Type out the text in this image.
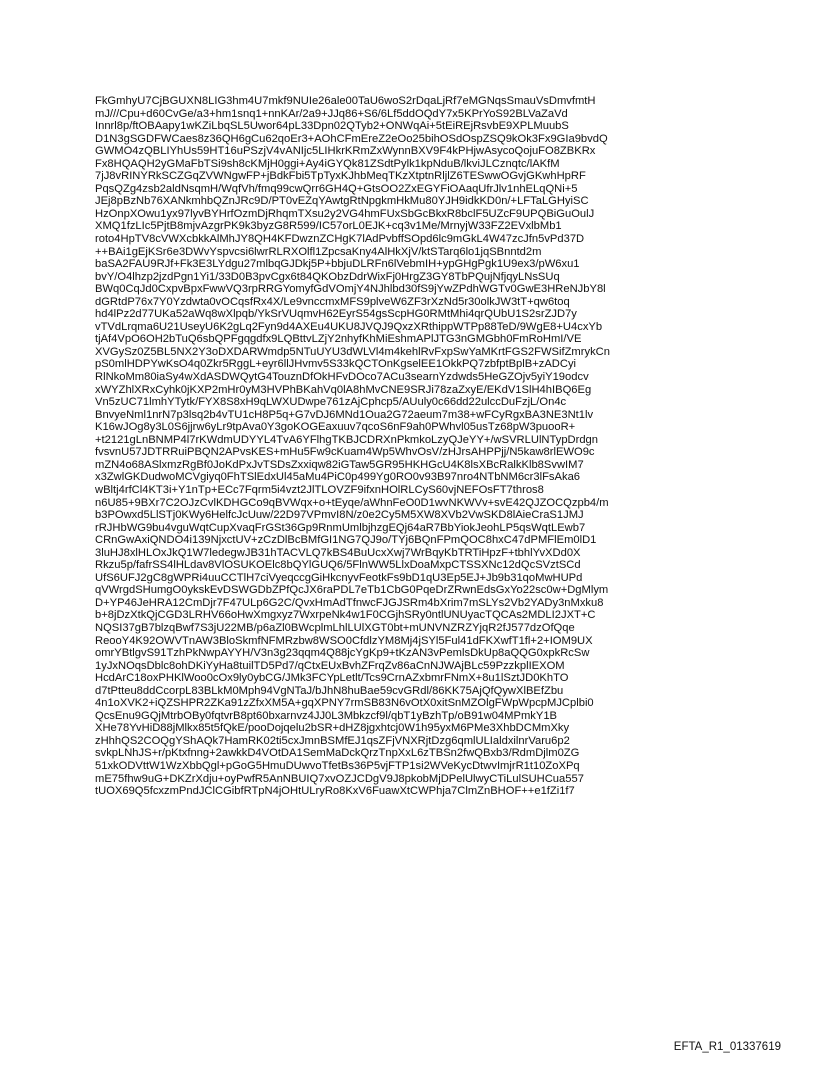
FkGmhyU7CjBGUXN8LIG3hm4U7mkf9NUIe26ale00TaU6woS2rDqaLjRf7eMGNqsSmauVsDmvfmtH
mJ///Cpu+d60CvGe/a3+hm1snq1+nnKAr/2a9+JJq86+S6/6Lf5ddOQdY7x5KPrYoS92BLVaZaVd
Innrl8p/ftOBAapy1wKZiLbqSL5Uwor64pL33Dpn02QTyb2+ONWqAi+5tEiREjRsvbE9XPLMuubS
D1N3gSGDFWCaes8z36QH6gCu62qoEr3+AOhCFmEreZ2eOo25bihOSdOspZSQ9kOk3Fx9GIa9bvdQ
GWMO4zQBLIYhUs59HT16uPSzjV4vANIjc5LIHkrKRmZxWynnBXV9F4kPHjwAsycoQojuFO8ZBKRx
Fx8HQAQH2yGMaFbTSi9sh8cKMjH0ggi+Ay4iGYQk81ZSdtPylk1kpNduB/lkviJLCznqtc/lAKfM
7jJ8vRINYRkSCZGqZVWNgwFP+jBdkFbi5TpTyxKJhbMeqTKzXtptnRljlZ6TESwwOGvjGKwhHpRF
PqsQZg4zsb2aldNsqmH/WqfVh/fmq99cwQrr6GH4Q+GtsOO2ZxEGYFiOAaqUfrJlv1nhELqQNi+5
JEj8pBzNb76XANkmhbQZnJRc9D/PT0vEZqYAwtgRtNpgkmHkMu80YJH9idkKD0n/+LFTaLGHyiSC
HzOnpXOwu1yx97lyvBYHrfOzmDjRhqmTXsu2y2VG4hmFUxSbGcBkxR8bclF5UZcF9UPQBiGuOulJ
XMQ1fzLIc5PjtB8mjvAzgrPK9k3byzG8R599/IC57orL0EJK+cq3v1Me/MrnyjW33FZ2EVxlbMb1
roto4HpTV8cVWXcbkkAlMhJY8QH4KFDwznZCHgK7lAdPvbffSOpd6lc9mGkL4W47zcJfn5vPd37D
++BAi1gEjKSr6e3DWvYspvcsi6lwrRLRXOlfl1ZpcsaKny4AlHkXjV/ktSTarq6lo1jqSBnntd2m
baSA2FAU9RJf+Fk3E3LYdgu27mlbqGJDkj5P+bbjuDLRFn6lVebmIH+ypGHgPgk1U9ex3/pW6xu1
bvY/O4lhzp2jzdPgn1Yi1/33D0B3pvCgx6t84QKObzDdrWixFj0HrgZ3GY8TbPQujNfjqyLNsSUq
BWq0CqJd0CxpvBpxFwwVQ3rpRRGYomyfGdVOmjY4NJhlbd30fS9jYwZPdhWGTv0GwE3HReNJbY8l
dGRtdP76x7Y0Yzdwta0vOCqsfRx4X/Le9vnccmxMFS9plveW6ZF3rXzNd5r30olkJW3tT+qw6toq
hd4lPz2d77UKa52aWq8wXlpqb/YkSrVUqmvH62EyrS54gsScpHG0RMtMhi4qrQUbU1S2srZJD7y
vTVdLrqma6U21UseyU6K2gLq2Fyn9d4AXEu4UKU8JVQJ9QxzXRthippWTPp88TeD/9WgE8+U4cxYb
tjAf4VpO6OH2bTuQ6sbQPFgqgdfx9LQBttvLZjY2nhyfKhMiEshmAPlJTG3nGMGbh0FmRoHmI/VE
XVGySz0Z5BL5NX2Y3oDXDARWmdp5NTuUYU3dWLVl4m4kehlRvFxpSwYaMKrtFGS2FWSifZmrykCn
pS0mlHDPYwKsO4q0Zkr5RggL+eyr6llJHvmv5S33kQCTOnKgselEE1OkkPQ7zbfptBplB+zADCyi
RlNkoMm80iaSy4wXdASDWQytG4TouznDfOkHFvDOco7ACu3searnYzdwds5HeGZOjv5yiY19odcv
xWYZhlXRxCyhk0jKXP2mHr0yM3HVPhBKahVq0lA8hMvCNE9SRJi78zaZxyE/EKdV1SlH4hIBQ6Eg
Vn5zUC71lmhYTytk/FYX8S8xH9qLWXUDwpe761zAjCphcp5/AUuly0c66dd22ulccDuFzjL/On4c
BnvyeNml1nrN7p3lsq2b4vTU1cH8P5q+G7vDJ6MNd1Oua2G72aeum7m38+wFCyRgxBA3NE3Nt1lv
K16wJOg8y3L0S6jjrw6yLr9tpAva0Y3goKOGEaxuuv7qcoS6nF9ah0PWhvl05usTz68pW3puooR+
+t2121gLnBNMP4l7rKWdmUDYYL4TvA6YFlhgTKBJCDRXnPkmkoLzyQJeYY+/wSVRLUlNTypDrdgn
fvsvnU57JDTRRuiPBQN2APvsKES+mHu5Fw9cKuam4Wp5WhvOsV/zHJrsAHPPjj/N5kaw8rlEWO9c
mZN4o68ASlxmzRgBf0JoKdPxJvTSDsZxxiqw82iGTaw5GR95HKHGcU4K8lsXBcRalkKlb8SvwIM7
x3ZwlGKDudwoMCVgiyq0FhTSlEdxUl45aMu4PiC0p499Yg0RO0v93B97nro4NTbNM6cr3lFsAka6
wBltj4rfCl4KT3i+Y1nTp+ECc7Fqrm5i4vzt2JlTLOVZF9ifxnHOlRLCyS60vjNEFOsFT7thros8
n6U85+9BXr7C2OJzCvlKDHGCo9qBVWqx+o+tEyqe/aWhnFeO0D1wvNKWVv+svE42QJZOCQzpb4/m
b3POwxd5LlSTj0KWy6HelfcJcUuw/22D97VPmvI8N/z0e2Cy5M5XW8XVb2VwSKD8lAieCraS1JMJ
rRJHbWG9bu4vguWqtCupXvaqFrGSt36Gp9RnmUmlbjhzgEQj64aR7BbYiokJeohLP5qsWqtLEwb7
CRnGwAxiQNDO4i139NjxctUV+zCzDlBcBMfGI1NG7QJ9o/TYj6BQnFPmQOC8hxC47dPMFlEm0lD1
3luHJ8xlHLOxJkQ1W7ledegwJB31hTACVLQ7kBS4BuUcxXwj7WrBqyKbTRTiHpzF+tbhlYvXDd0X
Rkzu5p/fafrSS4lHLdav8VlOSUKOElc8bQYlGUQ6/5FlnWW5LlxDoaMxpCTSSXNc12dQcSVztSCd
UfS6UFJ2gC8gWPRi4uuCCTlH7ciVyeqccgGiHkcnyvFeotkFs9bD1qU3Ep5EJ+Jb9b31qoMwHUPd
qVWrgdSHumgO0ykskEvDSWGDbZPfQcJX6raPDL7eTb1CbG0PqeDrZRwnEdsGxYo22sc0w+DgMlym
D+YP46JeHRA12CmDjr7F47ULp6G2C/QvxHmAdTfnwcFJGJSRm4bXrim7mSLYs2Vb2YADy3nMxku8
b+8jDzXtkQjCGD3LRHV66oHwXmgxyz7WxrpeNk4w1F0CGjhSRy0ntlUNUyacTQCAs2MDLI2JXT+C
NQSI37gB7blzqBwf7S3jU22MB/p6aZl0BWcplmLhlLUlXGT0bt+mUNVNZRZYjqR2fJ577dzOfQqe
ReooY4K92OWVTnAW3BloSkmfNFMRzbw8WSO0CfdlzYM8Mj4jSYl5Ful41dFKXwfT1fl+2+IOM9UX
omrYBtlgvS91TzhPkNwpAYYH/V3n3g23qqm4Q88jcYgKp9+tKzAN3vPemlsDkUp8aQQG0xpkRcSw
1yJxNOqsDblc8ohDKiYyHa8tuilTD5Pd7/qCtxEUxBvhZFrqZv86aCnNJWAjBLc59PzzkplIEXOM
HcdArC18oxPHKlWoo0cOx9ly0ybCG/JMk3FCYpLetlt/Tcs9CrnAZxbmrFNmX+8u1lSztJD0KhTO
d7tPtteu8ddCcorpL83BLkM0Mph94VgNTaJ/bJhN8huBae59cvGRdl/86KK75AjQfQywXlBEfZbu
4n1oXVK2+iQZSHPR2ZKa91zZfxXM5A+gqXPNY7rmSB83N6vOtX0xitSnMZOlgFWpWpcpMJCplbi0
QcsEnu9GQjMtrbOBy0fqtvrB8pt60bxarnvz4JJ0L3Mbkzcf9l/qbT1yBzhTp/oB91w04MPmkY1B
XHe78YvHiD88jMlkx85t5fQkE/pooDojqelu2bSR+dHZ8jgxhtcj0W1h95yxM6PMe3XhbDCMmXky
zHhhQS2COQgYShAQk7HamRK02ti5cxJmnBSMfEJ1qsZFjVNXRjtDzg6qmlULIaldxilnrVaru6p2
svkpLNhJS+r/pKtxfnng+2awkkD4VOtDA1SemMaDckQrzTnpXxL6zTBSn2fwQBxb3/RdmDjlm0ZG
51xkODVttW1WzXbbQgl+pGoG5HmuDUwvoTfetBs36P5vjFTP1si2WVeKycDtwvImjrR1t10ZoXPq
mE75fhw9uG+DKZrXdju+oyPwfR5AnNBUIQ7xvOZJCDgV9J8pkobMjDPelUlwyCTiLulSUHCua557
tUOX69Q5fcxzmPndJClCGibfRTpN4jOHtULryRo8KxV6FuawXtCWPhja7ClmZnBHOF++e1fZi1f7
EFTA_R1_01337619
